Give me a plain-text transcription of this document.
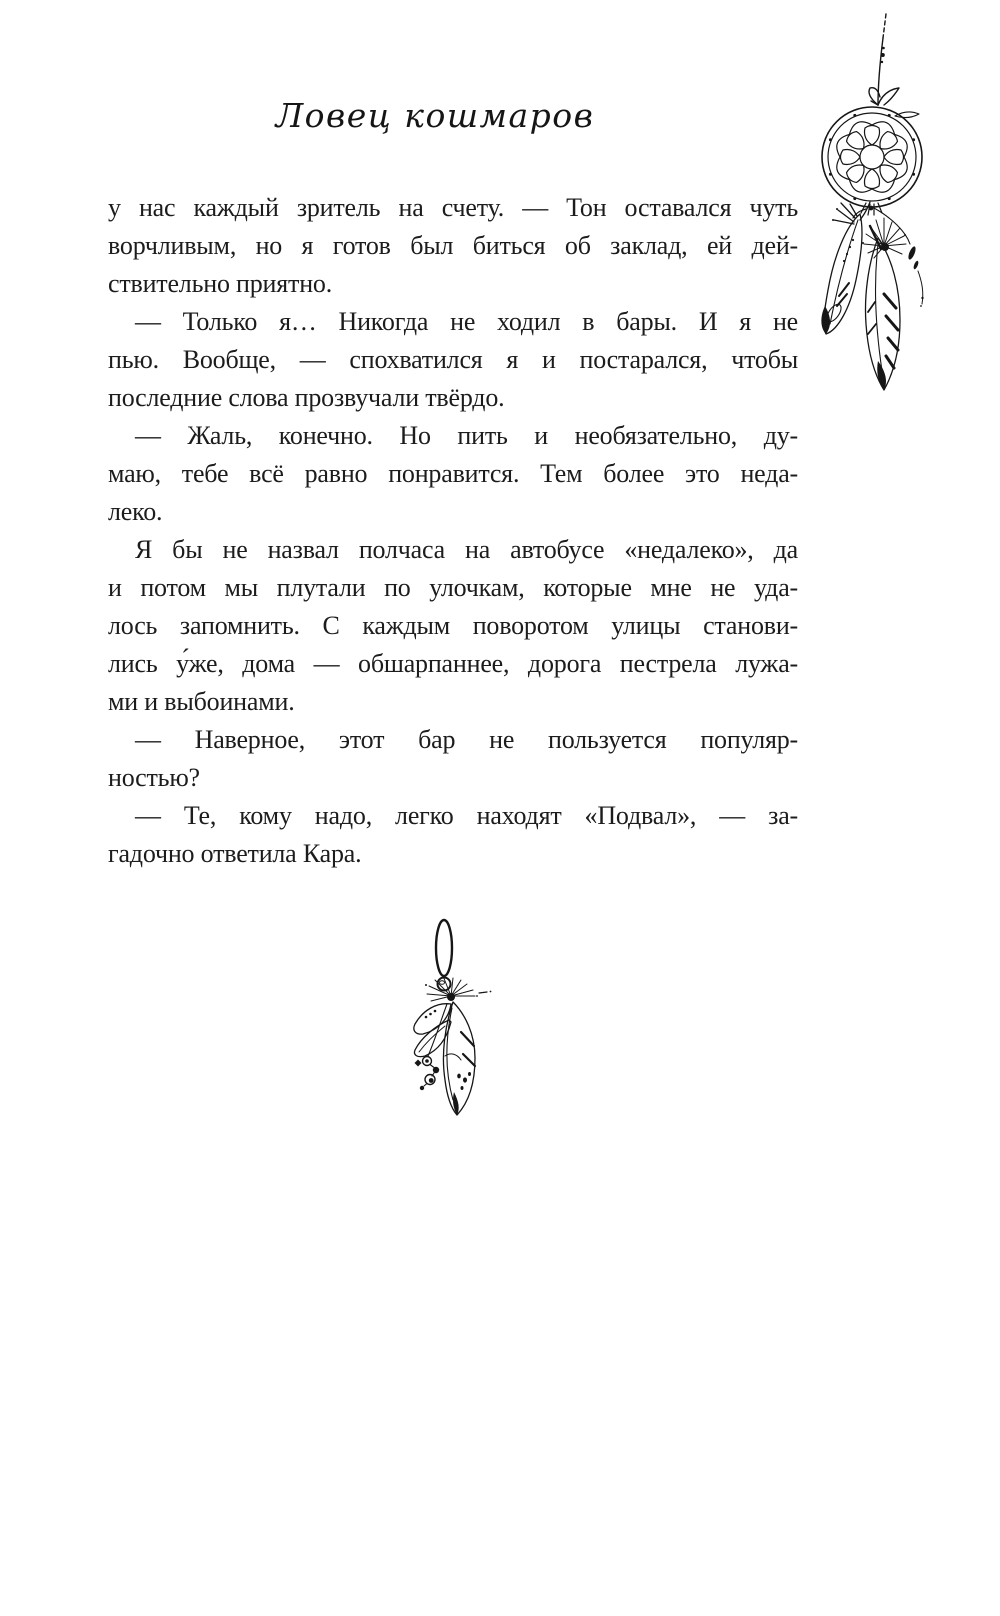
Ловец кошмаров
у нас каждый зритель на счету. — Тон оставался чуть
ворчливым, но я готов был биться об заклад, ей дей-
ствительно приятно.
— Только я… Никогда не ходил в бары. И я не
пью. Вообще, — спохватился я и постарался, чтобы
последние слова прозвучали твёрдо.
— Жаль, конечно. Но пить и необязательно, ду-
маю, тебе всё равно понравится. Тем более это неда-
леко.
Я бы не назвал полчаса на автобусе «недалеко», да
и потом мы плутали по улочкам, которые мне не уда-
лось запомнить. С каждым поворотом улицы станови-
лись у́же, дома — обшарпаннее, дорога пестрела лужа-
ми и выбоинами.
— Наверное, этот бар не пользуется популяр-
ностью?
— Те, кому надо, легко находят «Подвал», — за-
гадочно ответила Кара.
